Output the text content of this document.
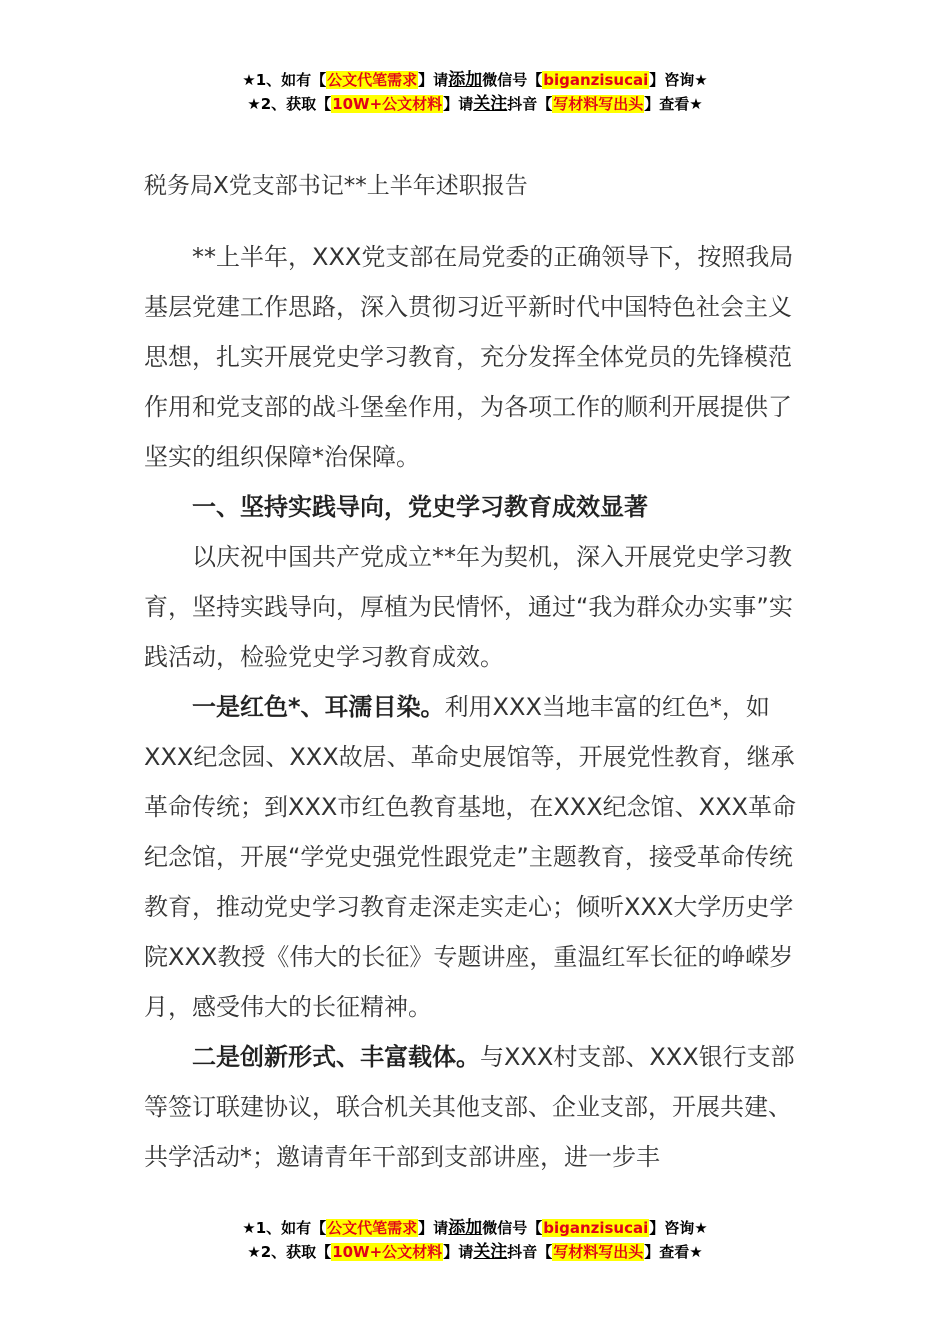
★1、如有【公文代笔需求】请添加微信号【biganzisucai】咨询★
★2、获取【10W+公文材料】请关注抖音【写材料写出头】查看★
税务局X党支部书记**上半年述职报告

**上半年，XXX党支部在局党委的正确领导下，按照我局基层党建工作思路，深入贯彻习近平新时代中国特色社会主义思想，扎实开展党史学习教育，充分发挥全体党员的先锋模范作用和党支部的战斗堡垒作用，为各项工作的顺利开展提供了坚实的组织保障*治保障。

一、坚持实践导向，党史学习教育成效显著

以庆祝中国共产党成立**年为契机，深入开展党史学习教育，坚持实践导向，厚植为民情怀，通过“我为群众办实事”实践活动，检验党史学习教育成效。

一是红色*、耳濡目染。利用XXX当地丰富的红色*，如XXX纪念园、XXX故居、革命史展馆等，开展党性教育，继承革命传统；到XXX市红色教育基地，在XXX纪念馆、XXX革命纪念馆，开展“学党史强党性跟党走”主题教育，接受革命传统教育，推动党史学习教育走深走实走心；倾听XXX大学历史学院XXX教授《伟大的长征》专题讲座，重温红军长征的峥嵘岁月，感受伟大的长征精神。

二是创新形式、丰富载体。与XXX村支部、XXX银行支部等签订联建协议，联合机关其他支部、企业支部，开展共建、共学活动*；邀请青年干部到支部讲座，进一步丰

★1、如有【公文代笔需求】请添加微信号【biganzisucai】咨询★
★2、获取【10W+公文材料】请关注抖音【写材料写出头】查看★
